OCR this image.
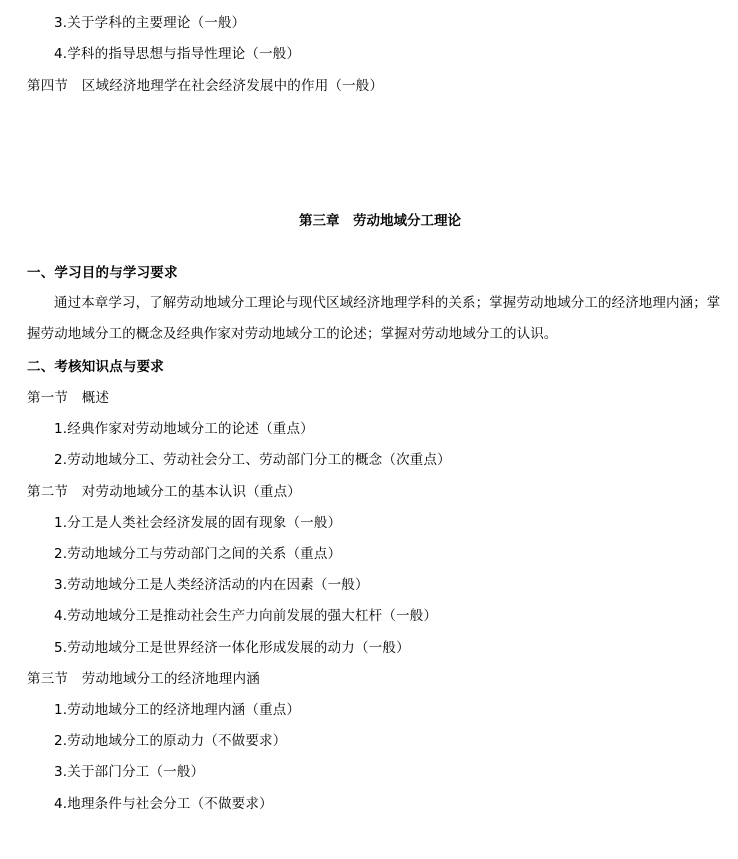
3.关于学科的主要理论（一般）
4.学科的指导思想与指导性理论（一般）
第四节　区域经济地理学在社会经济发展中的作用（一般）
第三章　劳动地域分工理论
一、学习目的与学习要求
通过本章学习，了解劳动地域分工理论与现代区域经济地理学科的关系；掌握劳动地域分工的经济地理内涵；掌握劳动地域分工的概念及经典作家对劳动地域分工的论述；掌握对劳动地域分工的认识。
二、考核知识点与要求
第一节　概述
1.经典作家对劳动地域分工的论述（重点）
2.劳动地域分工、劳动社会分工、劳动部门分工的概念（次重点）
第二节　对劳动地域分工的基本认识（重点）
1.分工是人类社会经济发展的固有现象（一般）
2.劳动地域分工与劳动部门之间的关系（重点）
3.劳动地域分工是人类经济活动的内在因素（一般）
4.劳动地域分工是推动社会生产力向前发展的强大杠杆（一般）
5.劳动地域分工是世界经济一体化形成发展的动力（一般）
第三节　劳动地域分工的经济地理内涵
1.劳动地域分工的经济地理内涵（重点）
2.劳动地域分工的原动力（不做要求）
3.关于部门分工（一般）
4.地理条件与社会分工（不做要求）
